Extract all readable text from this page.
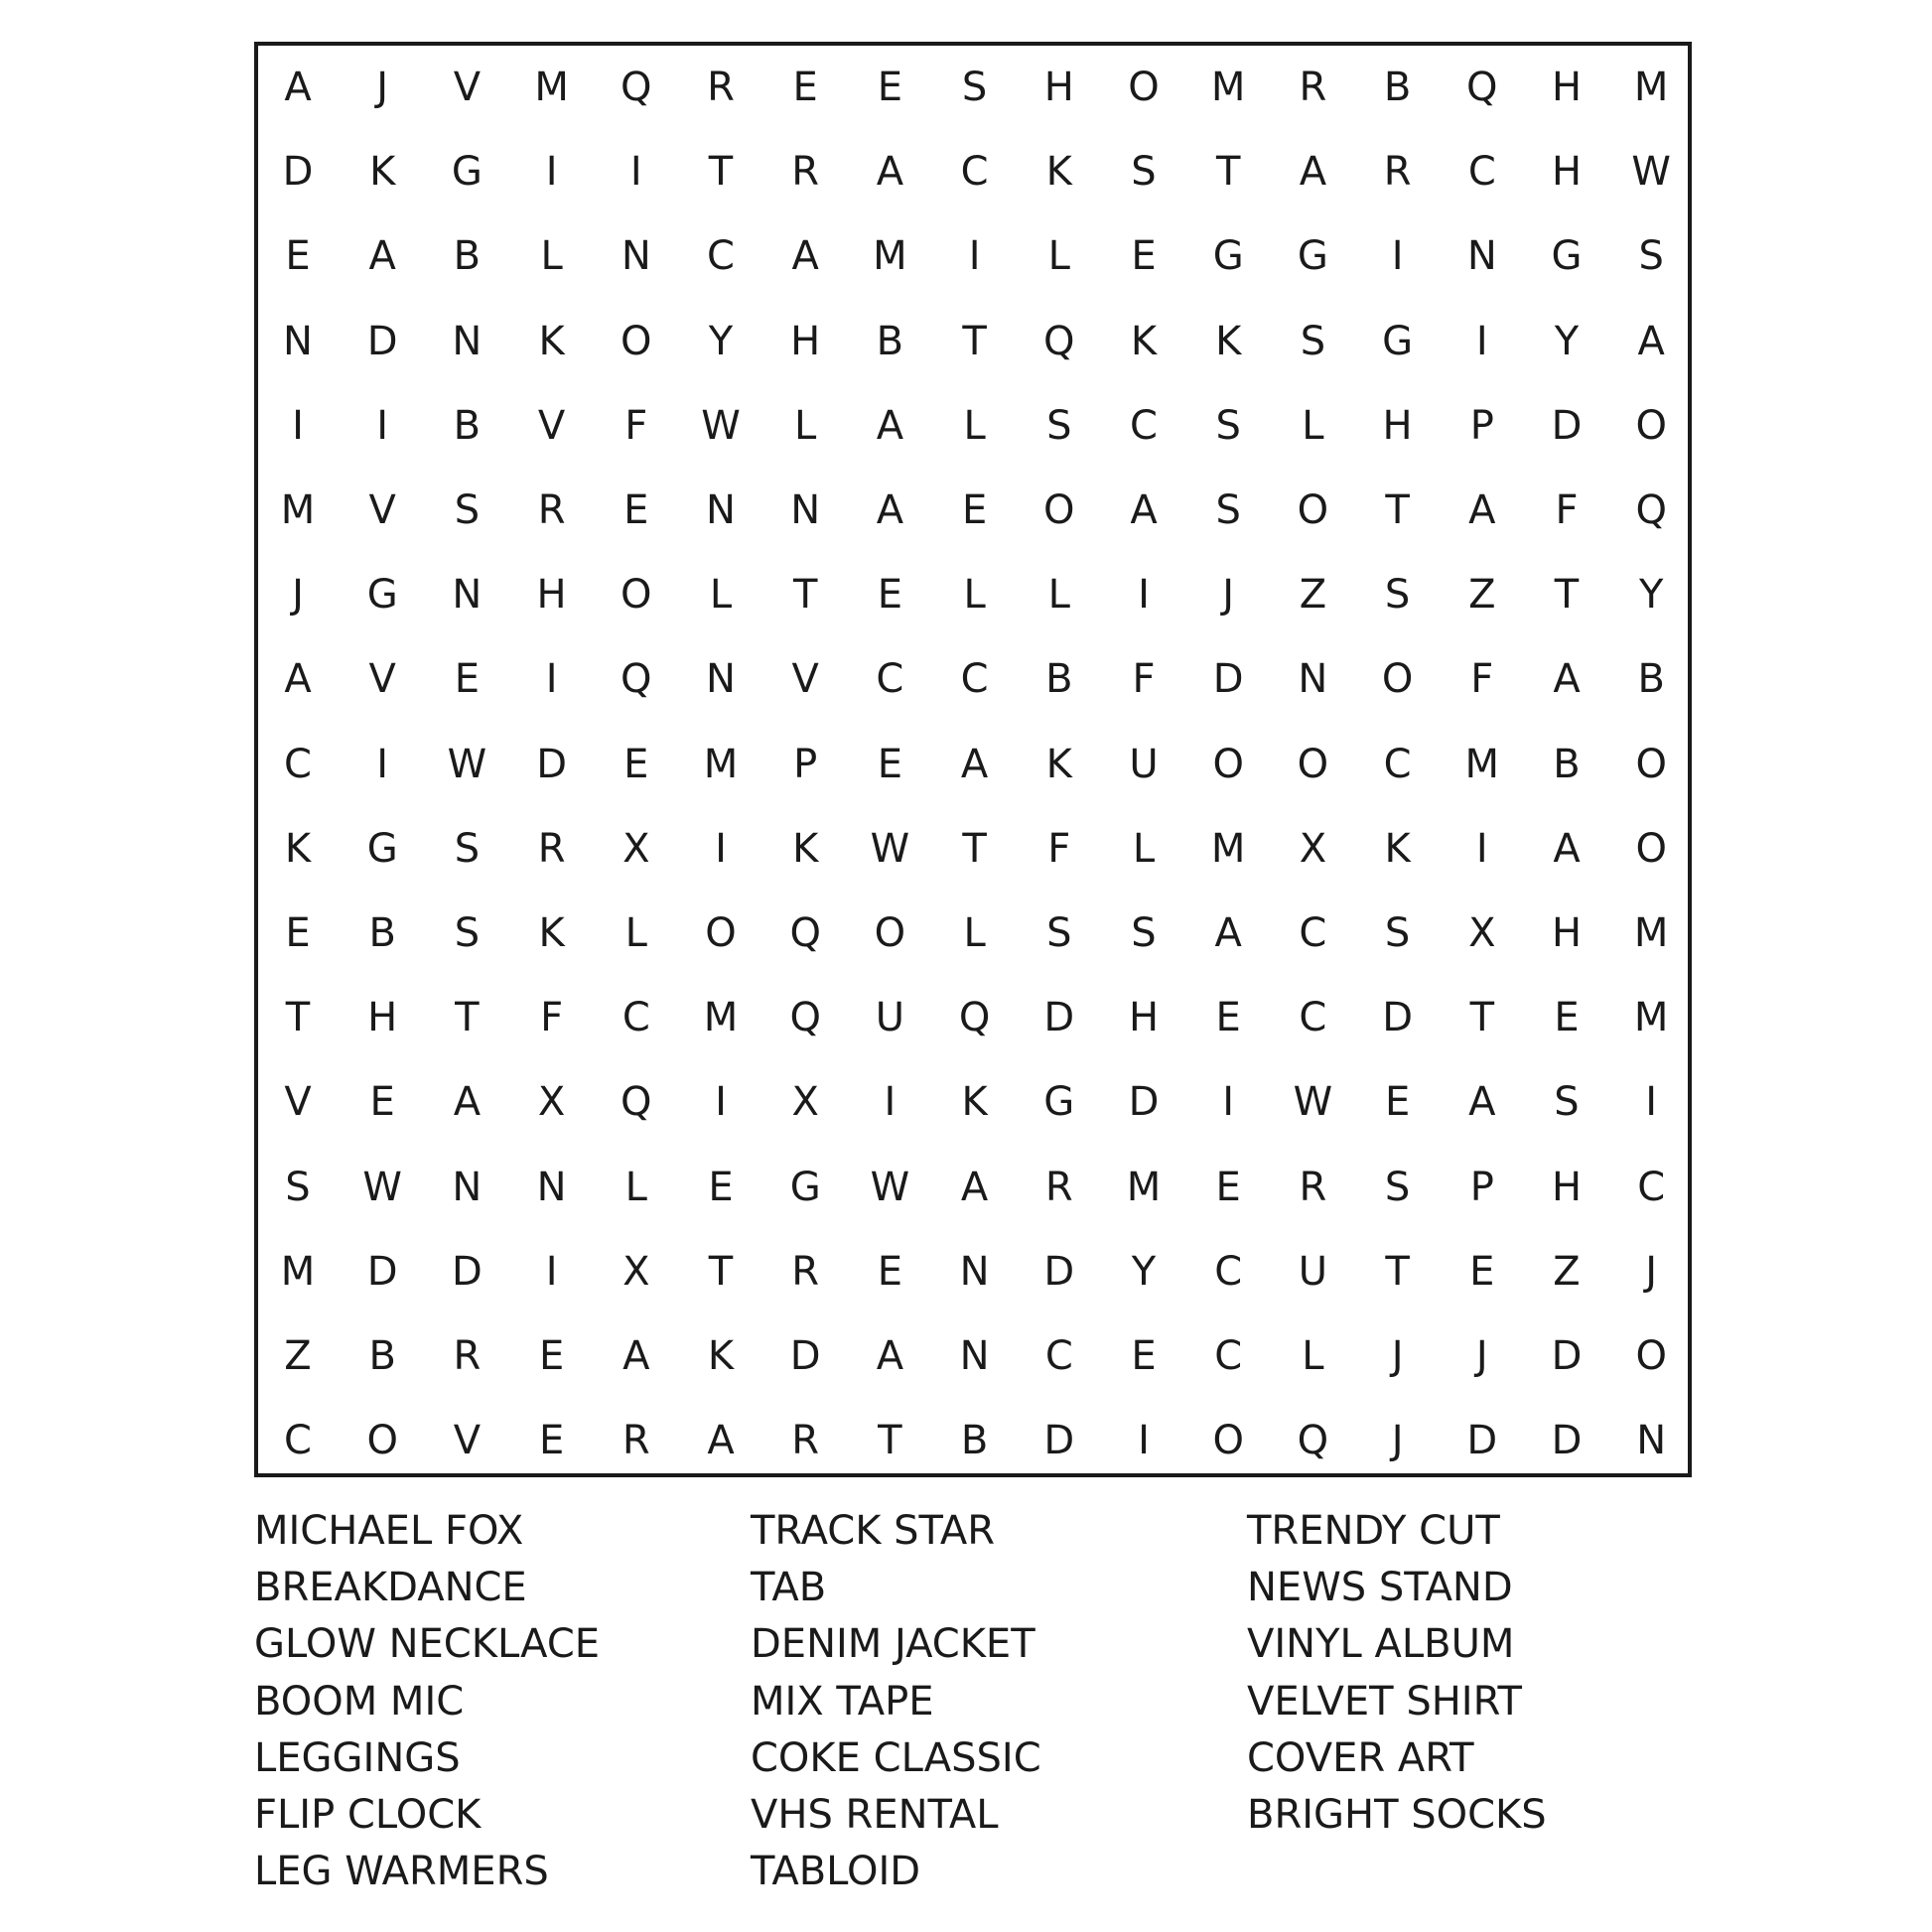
A	J	V	M	Q	R	E	E	S	H	O	M	R	B	Q	H	M
D	K	G	I	I	T	R	A	C	K	S	T	A	R	C	H	W
E	A	B	L	N	C	A	M	I	L	E	G	G	I	N	G	S
N	D	N	K	O	Y	H	B	T	Q	K	K	S	G	I	Y	A
I	I	B	V	F	W	L	A	L	S	C	S	L	H	P	D	O
M	V	S	R	E	N	N	A	E	O	A	S	O	T	A	F	Q
J	G	N	H	O	L	T	E	L	L	I	J	Z	S	Z	T	Y
A	V	E	I	Q	N	V	C	C	B	F	D	N	O	F	A	B
C	I	W	D	E	M	P	E	A	K	U	O	O	C	M	B	O
K	G	S	R	X	I	K	W	T	F	L	M	X	K	I	A	O
E	B	S	K	L	O	Q	O	L	S	S	A	C	S	X	H	M
T	H	T	F	C	M	Q	U	Q	D	H	E	C	D	T	E	M
V	E	A	X	Q	I	X	I	K	G	D	I	W	E	A	S	I
S	W	N	N	L	E	G	W	A	R	M	E	R	S	P	H	C
M	D	D	I	X	T	R	E	N	D	Y	C	U	T	E	Z	J
Z	B	R	E	A	K	D	A	N	C	E	C	L	J	J	D	O
C	O	V	E	R	A	R	T	B	D	I	O	Q	J	D	D	N
MICHAEL FOX
BREAKDANCE
GLOW NECKLACE
BOOM MIC
LEGGINGS
FLIP CLOCK
LEG WARMERS
TRACK STAR
TAB
DENIM JACKET
MIX TAPE
COKE CLASSIC
VHS RENTAL
TABLOID
TRENDY CUT
NEWS STAND
VINYL ALBUM
VELVET SHIRT
COVER ART
BRIGHT SOCKS
